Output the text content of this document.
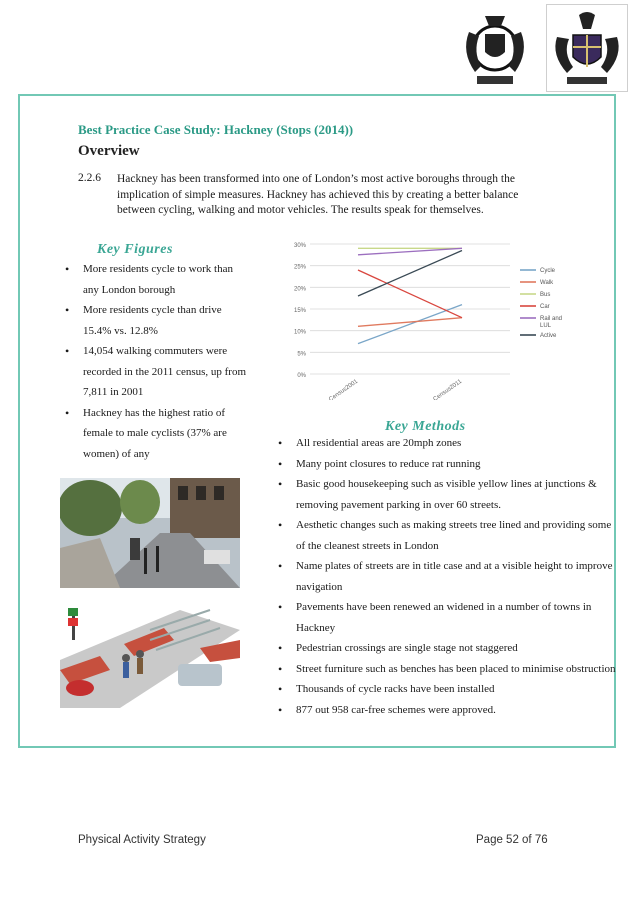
Best Practice Case Study: Hackney (Stops (2014))
Overview
2.2.6 Hackney has been transformed into one of London’s most active boroughs through the implication of simple measures. Hackney has achieved this by creating a better balance between cycling, walking and motor vehicles. The results speak for themselves.
Key Figures
• More residents cycle to work than any London borough
• More residents cycle than drive 15.4% vs. 12.8%
• 14,054 walking commuters were recorded in the 2011 census, up from 7,811 in 2001
• Hackney has the highest ratio of female to male cyclists (37% are women) of any
0%
5%
10%
15%
20%
25%
30%
Census2001	Census2011
Cycle
Walk
Bus
Car
Rail and
LUL
Active
Key Methods
• All residential areas are 20mph zones
• Many point closures to reduce rat running
• Basic good housekeeping such as visible yellow lines at junctions & removing pavement parking in over 60 streets.
• Aesthetic changes such as making streets tree lined and providing some of the cleanest streets in London
• Name plates of streets are in title case and at a visible height to improve navigation
• Pavements have been renewed an widened in a number of towns in Hackney
• Pedestrian crossings are single stage not staggered
• Street furniture such as benches has been placed to minimise obstruction
• Thousands of cycle racks have been installed
• 877 out 958 car-free schemes were approved.
Physical Activity Strategy	Page 52 of 76
